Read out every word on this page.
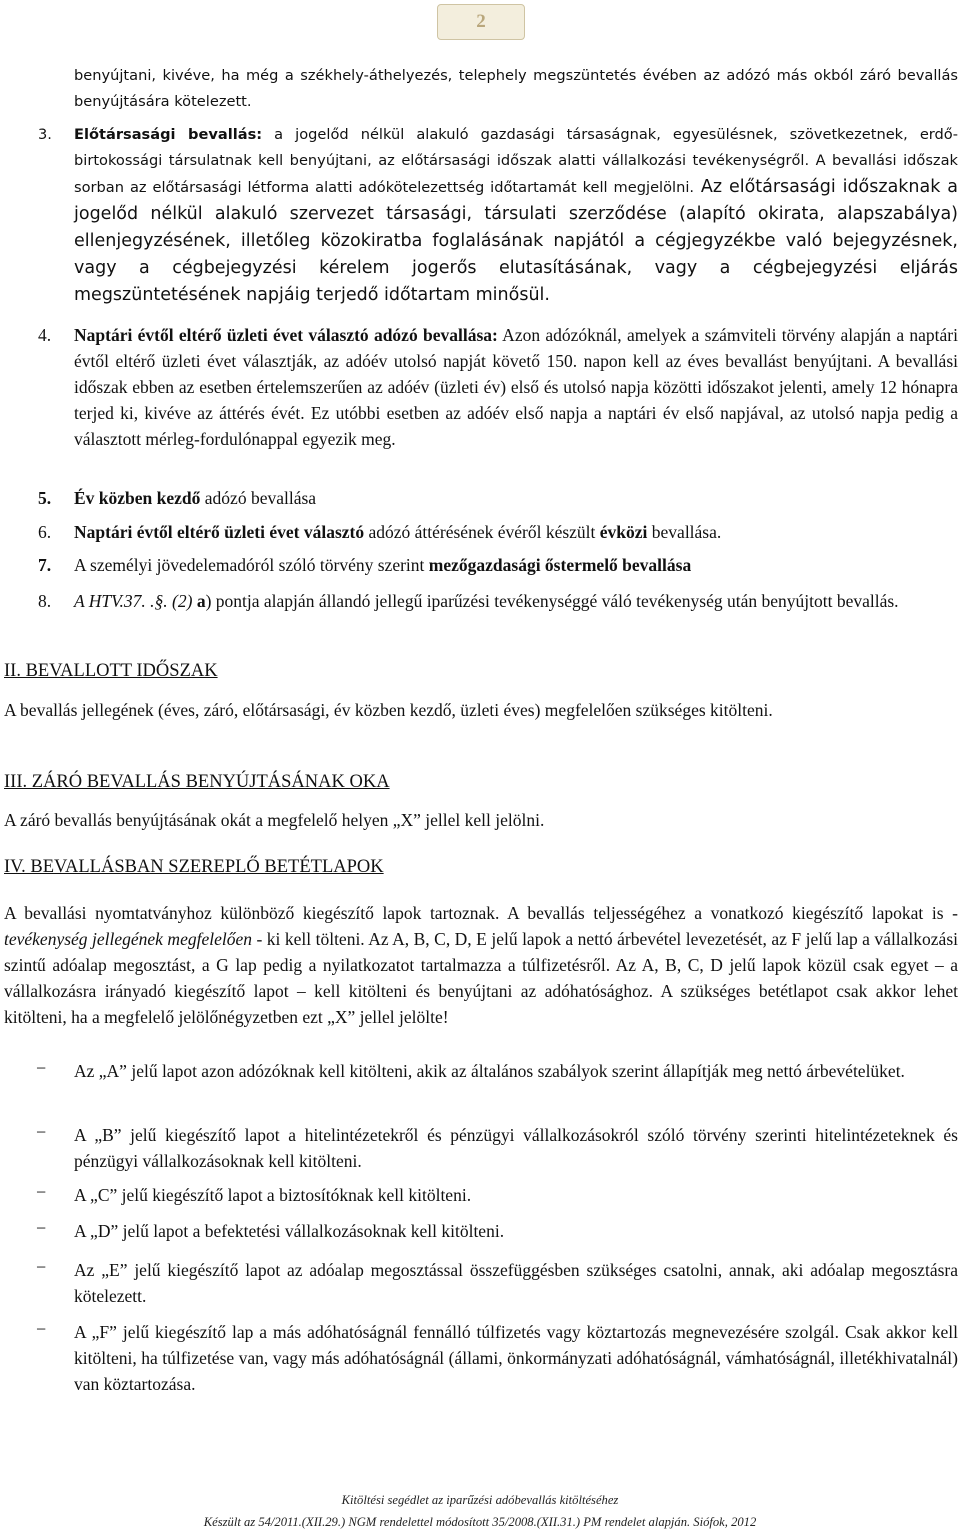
2
benyújtani, kivéve, ha még a székhely-áthelyezés, telephely megszüntetés évében az adózó más okból záró bevallás benyújtására kötelezett.
3. Előtársasági bevallás: a jogelőd nélkül alakuló gazdasági társaságnak, egyesülésnek, szövetkezetnek, erdő-birtokossági társulatnak kell benyújtani, az előtársasági időszak alatti vállalkozási tevékenységről. A bevallási időszak sorban az előtársasági létforma alatti adókötelezettség időtartamát kell megjelölni. Az előtársasági időszaknak a jogelőd nélkül alakuló szervezet társasági, társulati szerződése (alapító okirata, alapszabálya) ellenjegyzésének, illetőleg közokiratba foglalásának napjától a cégjegyzékbe való bejegyzésnek, vagy a cégbejegyzési kérelem jogerős elutasításának, vagy a cégbejegyzési eljárás megszüntetésének napjáig terjedő időtartam minősül.
4. Naptári évtől eltérő üzleti évet választó adózó bevallása: Azon adózóknál, amelyek a számviteli törvény alapján a naptári évtől eltérő üzleti évet választják, az adóév utolsó napját követő 150. napon kell az éves bevallást benyújtani. A bevallási időszak ebben az esetben értelemszerűen az adóév (üzleti év) első és utolsó napja közötti időszakot jelenti, amely 12 hónapra terjed ki, kivéve az áttérés évét. Ez utóbbi esetben az adóév első napja a naptári év első napjával, az utolsó napja pedig a választott mérleg-fordulónappal egyezik meg.
5. Év közben kezdő adózó bevallása
6. Naptári évtől eltérő üzleti évet választó adózó áttérésének évéről készült évközi bevallása.
7. A személyi jövedelemadóról szóló törvény szerint mezőgazdasági őstermelő bevallása
8. A HTV.37. .§. (2) a) pontja alapján állandó jellegű iparűzési tevékenységgé váló tevékenység után benyújtott bevallás.
II. BEVALLOTT IDŐSZAK
A bevallás jellegének (éves, záró, előtársasági, év közben kezdő, üzleti éves) megfelelően szükséges kitölteni.
III. ZÁRÓ BEVALLÁS BENYÚJTÁSÁNAK OKA
A záró bevallás benyújtásának okát a megfelelő helyen „X” jellel kell jelölni.
IV. BEVALLÁSBAN SZEREPLŐ BETÉTLAPOK
A bevallási nyomtatványhoz különböző kiegészítő lapok tartoznak. A bevallás teljességéhez a vonatkozó kiegészítő lapokat is - tevékenység jellegének megfelelően - ki kell tölteni. Az A, B, C, D, E jelű lapok a nettó árbevétel levezetését, az F jelű lap a vállalkozási szintű adóalap megosztást, a G lap pedig a nyilatkozatot tartalmazza a túlfizetésről. Az A, B, C, D jelű lapok közül csak egyet – a vállalkozásra irányadó kiegészítő lapot – kell kitölteni és benyújtani az adóhatósághoz. A szükséges betétlapot csak akkor lehet kitölteni, ha a megfelelő jelölőnégyzetben ezt „X” jellel jelölte!
− Az „A” jelű lapot azon adózóknak kell kitölteni, akik az általános szabályok szerint állapítják meg nettó árbevételüket.
− A „B” jelű kiegészítő lapot a hitelintézetekről és pénzügyi vállalkozásokról szóló törvény szerinti hitelintézeteknek és pénzügyi vállalkozásoknak kell kitölteni.
− A „C” jelű kiegészítő lapot a biztosítóknak kell kitölteni.
− A „D” jelű lapot a befektetési vállalkozásoknak kell kitölteni.
− Az „E” jelű kiegészítő lapot az adóalap megosztással összefüggésben szükséges csatolni, annak, aki adóalap megosztásra kötelezett.
− A „F” jelű kiegészítő lap a más adóhatóságnál fennálló túlfizetés vagy köztartozás megnevezésére szolgál. Csak akkor kell kitölteni, ha túlfizetése van, vagy más adóhatóságnál (állami, önkormányzati adóhatóságnál, vámhatóságnál, illetékhivatalnál) van köztartozása.
Kitöltési segédlet az iparűzési adóbevallás kitöltéséhez
Készült az 54/2011.(XII.29.) NGM rendelettel módosított 35/2008.(XII.31.) PM rendelet alapján. Siófok, 2012
